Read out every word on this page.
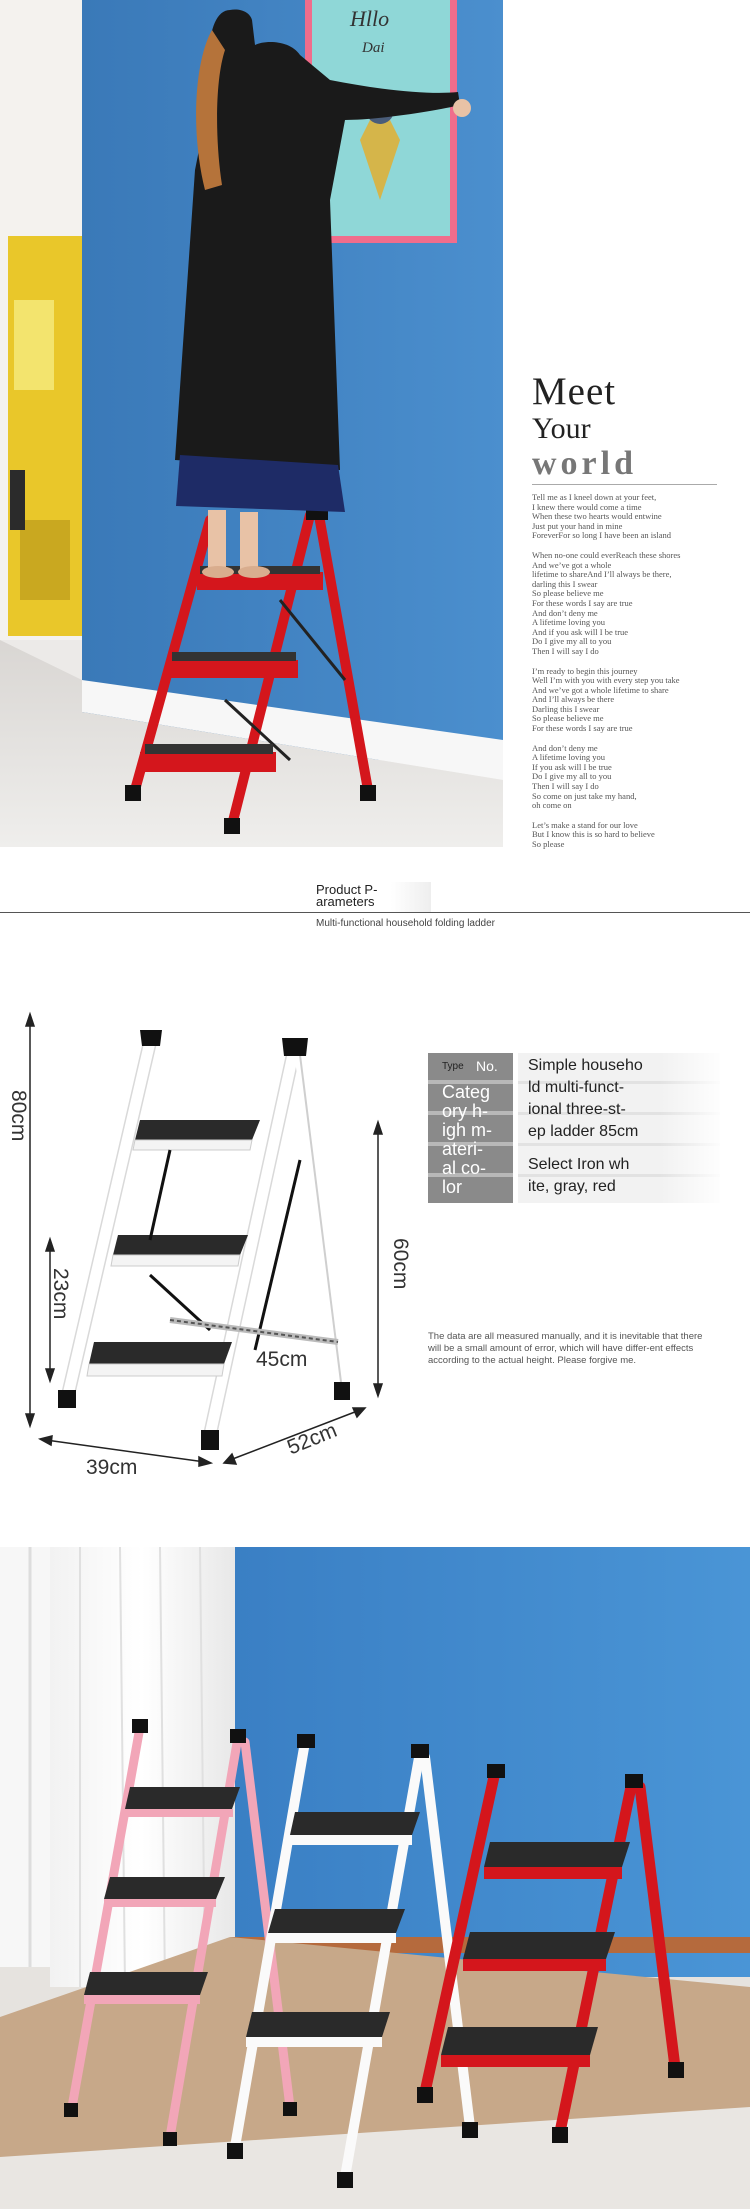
Hllo
Dai
Meet
Your
world

Tell me as I kneel down at your feet,
I knew there would come a time
When these two hearts would entwine
Just put your hand in mine
ForeverFor so long I have been an island

When no-one could everReach these shores
And we’ve got a whole
lifetime to shareAnd I’ll always be there,
darling this I swear
So please believe me
For these words I say are true
And don’t deny me
A lifetime loving you
And if you ask will I be true
Do I give my all to you
Then I will say I do

I’m ready to begin this journey
Well I’m with you with every step you take
And we’ve got a whole lifetime to share
And I’ll always be there
Darling this I swear
So please believe me
For these words I say are true

And don’t deny me
A lifetime loving you
If you ask will I be true
Do I give my all to you
Then I will say I do
So come on just take my hand,
oh come on

Let’s make a stand for our love
But I know this is so hard to believe
So please

Product P-
arameters
Multi-functional household folding ladder
80cm
23cm
60cm
45cm
39cm
52cm
Type No.
Categ
ory h-
igh m-
ateri-
al co-
lor
Simple househo
ld multi-funct-
ional three-st-
ep ladder 85cm
Select Iron wh
ite, gray, red
The data are all measured manually, and it is inevitable that there will be a small amount of error, which will have differ-ent effects according to the actual height. Please forgive me.
